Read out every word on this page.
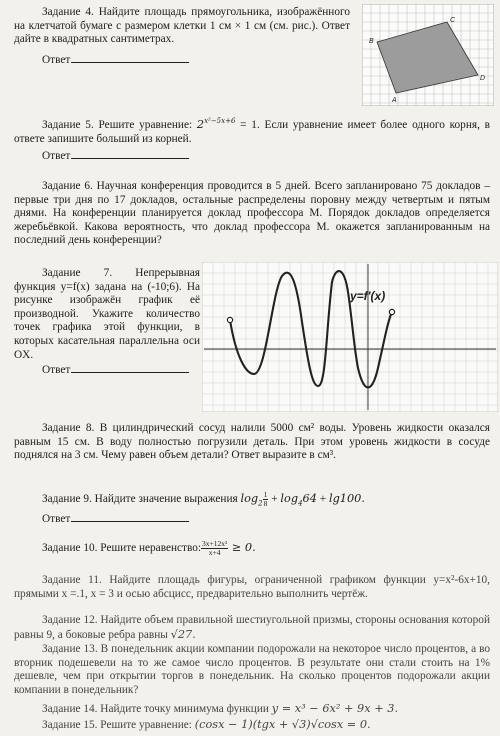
Задание 4. Найдите площадь прямоугольника, изображённого на клетчатой бумаге с размером клетки 1 см × 1 см (см. рис.). Ответ дайте в квадратных сантиметрах.
Ответ
B
C
A
D
Задание 5. Решите уравнение: $2^{x^2-5x+6} = 1$. Если уравнение имеет более одного корня, в ответе запишите больший из корней.
Ответ
Задание 6. Научная конференция проводится в 5 дней. Всего запланировано 75 докладов – первые три дня по 17 докладов, остальные распределены поровну между четвертым и пятым днями. На конференции планируется доклад профессора М. Порядок докладов определяется жеребьёвкой. Какова вероятность, что доклад профессора М. окажется запланированным на последний день конференции?
Задание 7. Непрерывная функция y=f(x) задана на (-10;6). На рисунке изображён график её производной. Укажите количество точек графика этой функции, в которых касательная параллельна оси OX.
Ответ
y=f'(x)
Задание 8. В цилиндрический сосуд налили 5000 см² воды. Уровень жидкости оказался равным 15 см. В воду полностью погрузили деталь. При этом уровень жидкости в сосуде поднялся на 3 см. Чему равен объем детали? Ответ выразите в см³.
Задание 9. Найдите значение выражения $\log_2 \frac{1}{8} + \log_464 + \lg 100$.
Ответ
Задание 10. Решите неравенство: $\frac{\text{3x+12x²}}{x+4} \ge 0$.
Задание 11. Найдите площадь фигуры, ограниченной графиком функции y=x²-6x+10, прямыми x =.1, x = 3 и осью абсцисс, предварительно выполнить чертёж.
Задание 12. Найдите объем правильной шестиугольной призмы, стороны основания которой равны 9, а боковые ребра равны √27.
Задание 13. В понедельник акции компании подорожали на некоторое число процентов, а во вторник подешевели на то же самое число процентов. В результате они стали стоить на 1% дешевле, чем при открытии торгов в понедельник. На сколько процентов подорожали акции компании в понедельник?
Задание 14. Найдите точку минимума функции y = x³ − 6x² + 9x + 3.
Задание 15. Решите уравнение: (cosx − 1)(tgx + √3)√cosx = 0.
